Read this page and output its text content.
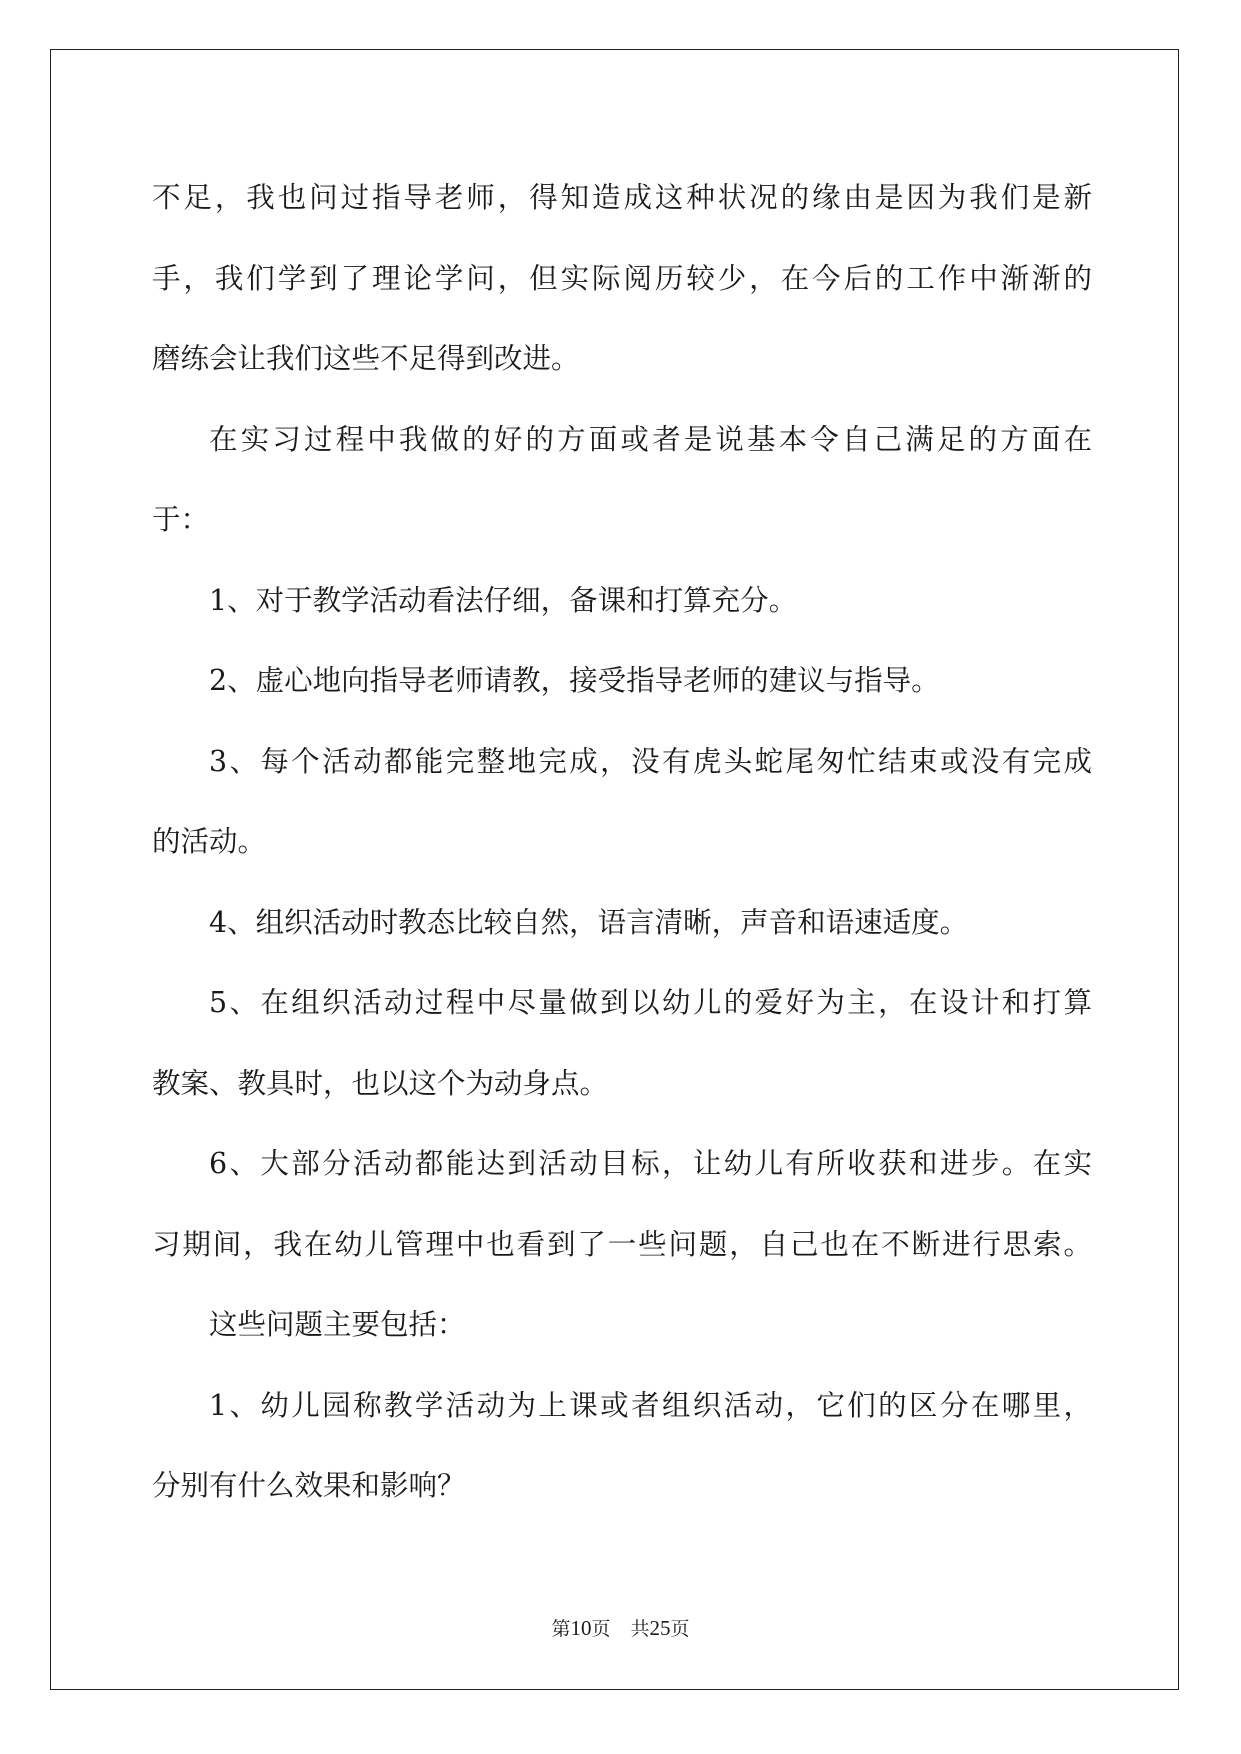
不足，我也问过指导老师，得知造成这种状况的缘由是因为我们是新

手，我们学到了理论学问，但实际阅历较少，在今后的工作中渐渐的

磨练会让我们这些不足得到改进。

在实习过程中我做的好的方面或者是说基本令自己满足的方面在

于：

1、对于教学活动看法仔细，备课和打算充分。

2、虚心地向指导老师请教，接受指导老师的建议与指导。

3、每个活动都能完整地完成，没有虎头蛇尾匆忙结束或没有完成

的活动。

4、组织活动时教态比较自然，语言清晰，声音和语速适度。

5、在组织活动过程中尽量做到以幼儿的爱好为主，在设计和打算

教案、教具时，也以这个为动身点。

6、大部分活动都能达到活动目标，让幼儿有所收获和进步。在实

习期间，我在幼儿管理中也看到了一些问题，自己也在不断进行思索。

这些问题主要包括：

1、幼儿园称教学活动为上课或者组织活动，它们的区分在哪里，

分别有什么效果和影响？

第10页 共25页
